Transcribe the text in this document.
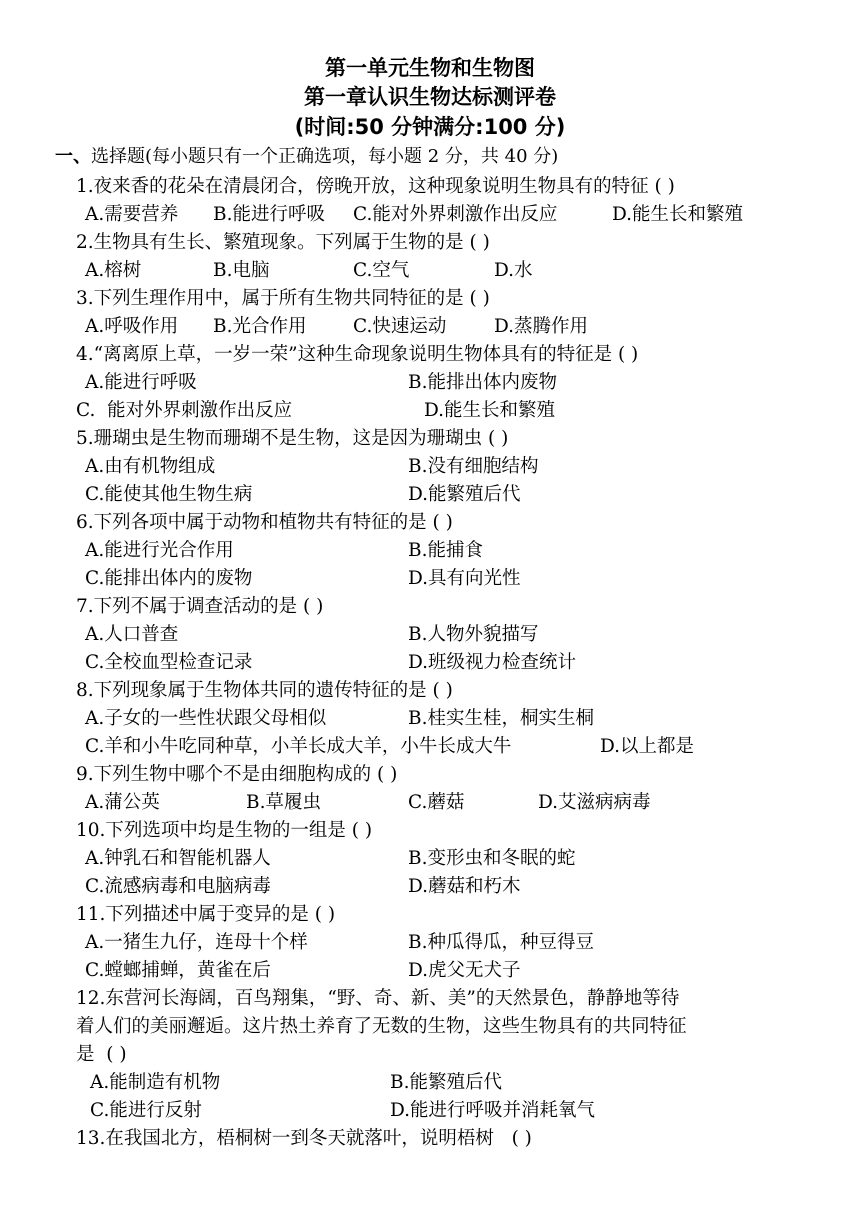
第一单元生物和生物图
第一章认识生物达标测评卷
(时间:50 分钟满分:100 分)
一、选择题(每小题只有一个正确选项，每小题 2 分，共 40 分)
1.夜来香的花朵在清晨闭合，傍晚开放，这种现象说明生物具有的特征 ( )
A.需要营养 B.能进行呼吸 C.能对外界刺激作出反应	D.能生长和繁殖
2.生物具有生长、繁殖现象。下列属于生物的是 ( )
A.榕树	B.电脑	C.空气	D.水
3.下列生理作用中，属于所有生物共同特征的是 ( )
A.呼吸作用 B.光合作用	C.快速运动	D.蒸腾作用
4.“离离原上草，一岁一荣”这种生命现象说明生物体具有的特征是 ( )
A.能进行呼吸	B.能排出体内废物
C.  能对外界刺激作出反应	D.能生长和繁殖
5.珊瑚虫是生物而珊瑚不是生物，这是因为珊瑚虫 ( )
A.由有机物组成	B.没有细胞结构
C.能使其他生物生病	D.能繁殖后代
6.下列各项中属于动物和植物共有特征的是 ( )
A.能进行光合作用	B.能捕食
C.能排出体内的废物	D.具有向光性
7.下列不属于调查活动的是 ( )
A.人口普查	B.人物外貌描写
C.全校血型检查记录	D.班级视力检查统计
8.下列现象属于生物体共同的遗传特征的是 ( )
A.子女的一些性状跟父母相似	B.桂实生桂，桐实生桐
C.羊和小牛吃同种草，小羊长成大羊，小牛长成大牛	D.以上都是
9.下列生物中哪个不是由细胞构成的 ( )
A.蒲公英	B.草履虫	C.蘑菇	D.艾滋病病毒
10.下列选项中均是生物的一组是 ( )
A.钟乳石和智能机器人	B.变形虫和冬眠的蛇
C.流感病毒和电脑病毒	D.蘑菇和朽木
11.下列描述中属于变异的是 ( )
A.一猪生九仔，连母十个样	B.种瓜得瓜，种豆得豆
C.螳螂捕蝉，黄雀在后	D.虎父无犬子
12.东营河长海阔，百鸟翔集，“野、奇、新、美”的天然景色，静静地等待
着人们的美丽邂逅。这片热土养育了无数的生物，这些生物具有的共同特征
是  ( )
A.能制造有机物	B.能繁殖后代
C.能进行反射	D.能进行呼吸并消耗氧气
13.在我国北方，梧桐树一到冬天就落叶，说明梧树   ( )
